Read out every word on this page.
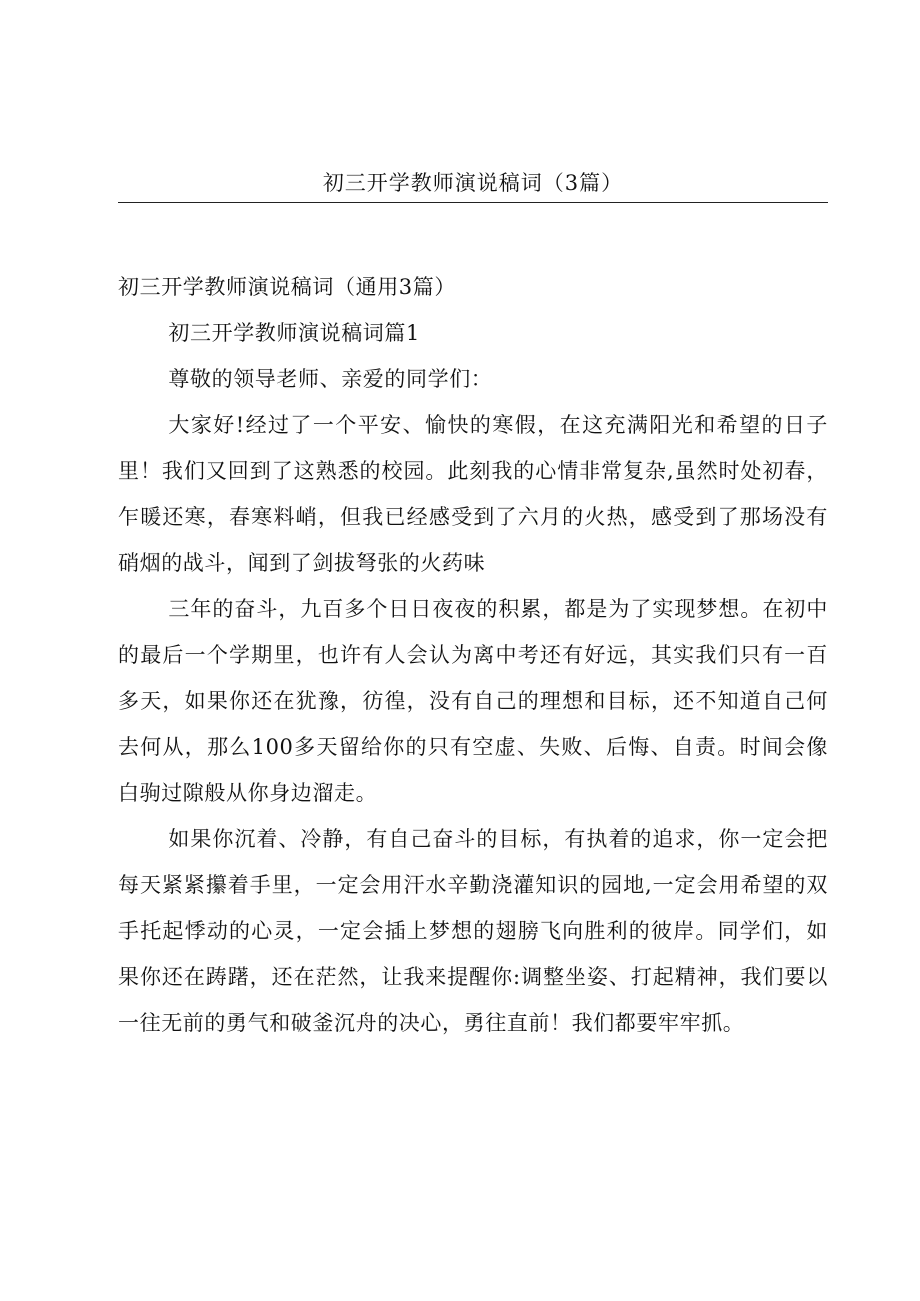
初三开学教师演说稿词（3篇）

初三开学教师演说稿词（通用3篇）

初三开学教师演说稿词篇1

尊敬的领导老师、亲爱的同学们：

大家好!经过了一个平安、愉快的寒假，在这充满阳光和希望的日子里！我们又回到了这熟悉的校园。此刻我的心情非常复杂,虽然时处初春，乍暖还寒，春寒料峭，但我已经感受到了六月的火热，感受到了那场没有硝烟的战斗，闻到了剑拔弩张的火药味

三年的奋斗，九百多个日日夜夜的积累，都是为了实现梦想。在初中的最后一个学期里，也许有人会认为离中考还有好远，其实我们只有一百多天，如果你还在犹豫，彷徨，没有自己的理想和目标，还不知道自己何去何从，那么100多天留给你的只有空虚、失败、后悔、自责。时间会像白驹过隙般从你身边溜走。

如果你沉着、冷静，有自己奋斗的目标，有执着的追求，你一定会把每天紧紧攥着手里，一定会用汗水辛勤浇灌知识的园地,一定会用希望的双手托起悸动的心灵，一定会插上梦想的翅膀飞向胜利的彼岸。同学们，如果你还在踌躇，还在茫然，让我来提醒你:调整坐姿、打起精神，我们要以一往无前的勇气和破釜沉舟的决心，勇往直前！我们都要牢牢抓。
